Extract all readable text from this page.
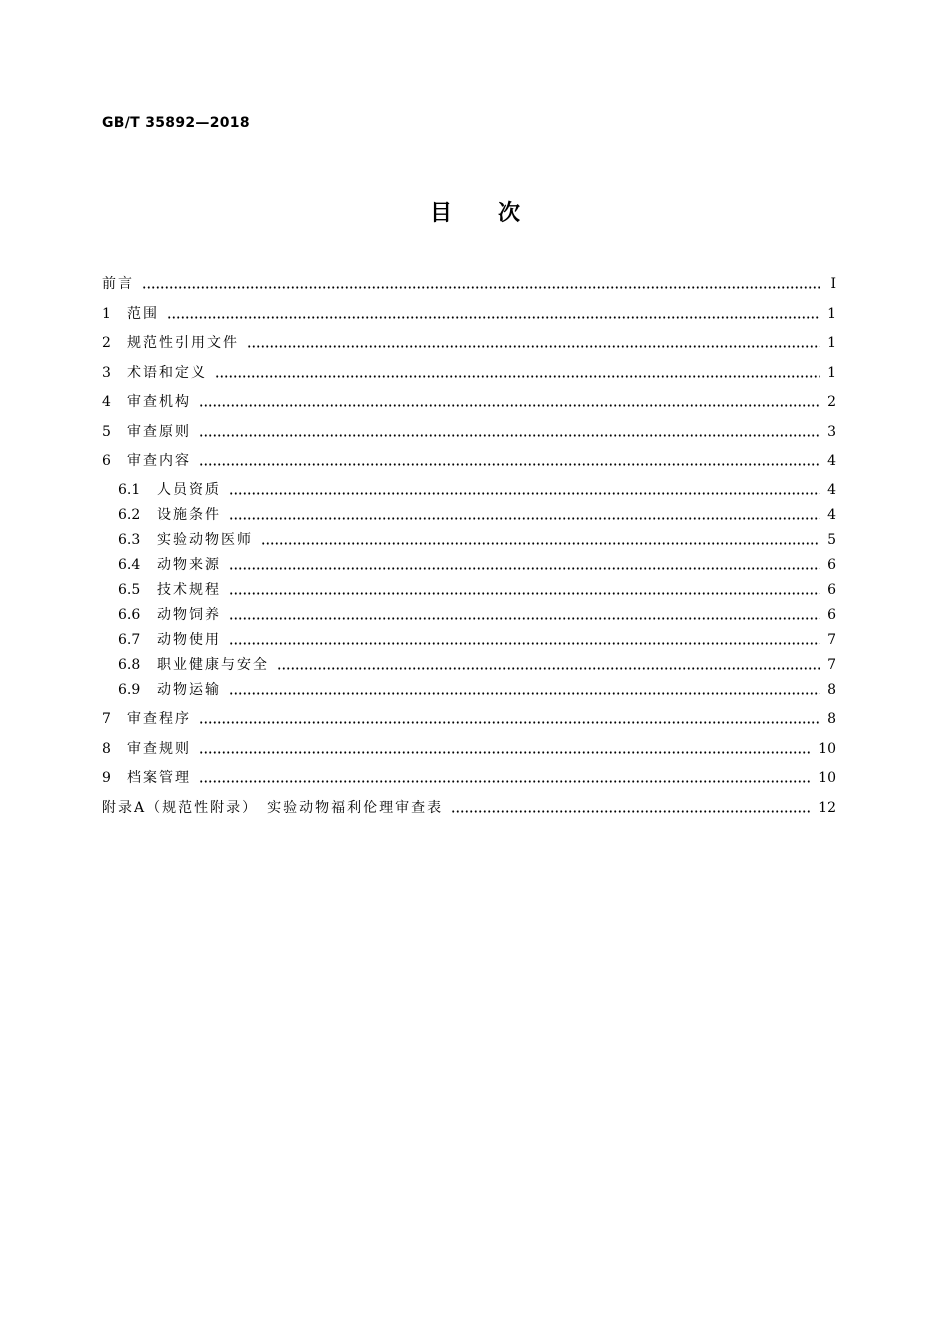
GB/T 35892—2018
目 次
前言	Ⅰ
1	范围	1
2	规范性引用文件	1
3	术语和定义	1
4	审查机构	2
5	审查原则	3
6	审查内容	4
6.1	人员资质	4
6.2	设施条件	4
6.3	实验动物医师	5
6.4	动物来源	6
6.5	技术规程	6
6.6	动物饲养	6
6.7	动物使用	7
6.8	职业健康与安全	7
6.9	动物运输	8
7	审查程序	8
8	审查规则	10
9	档案管理	10
附录A（规范性附录）　实验动物福利伦理审查表	12
